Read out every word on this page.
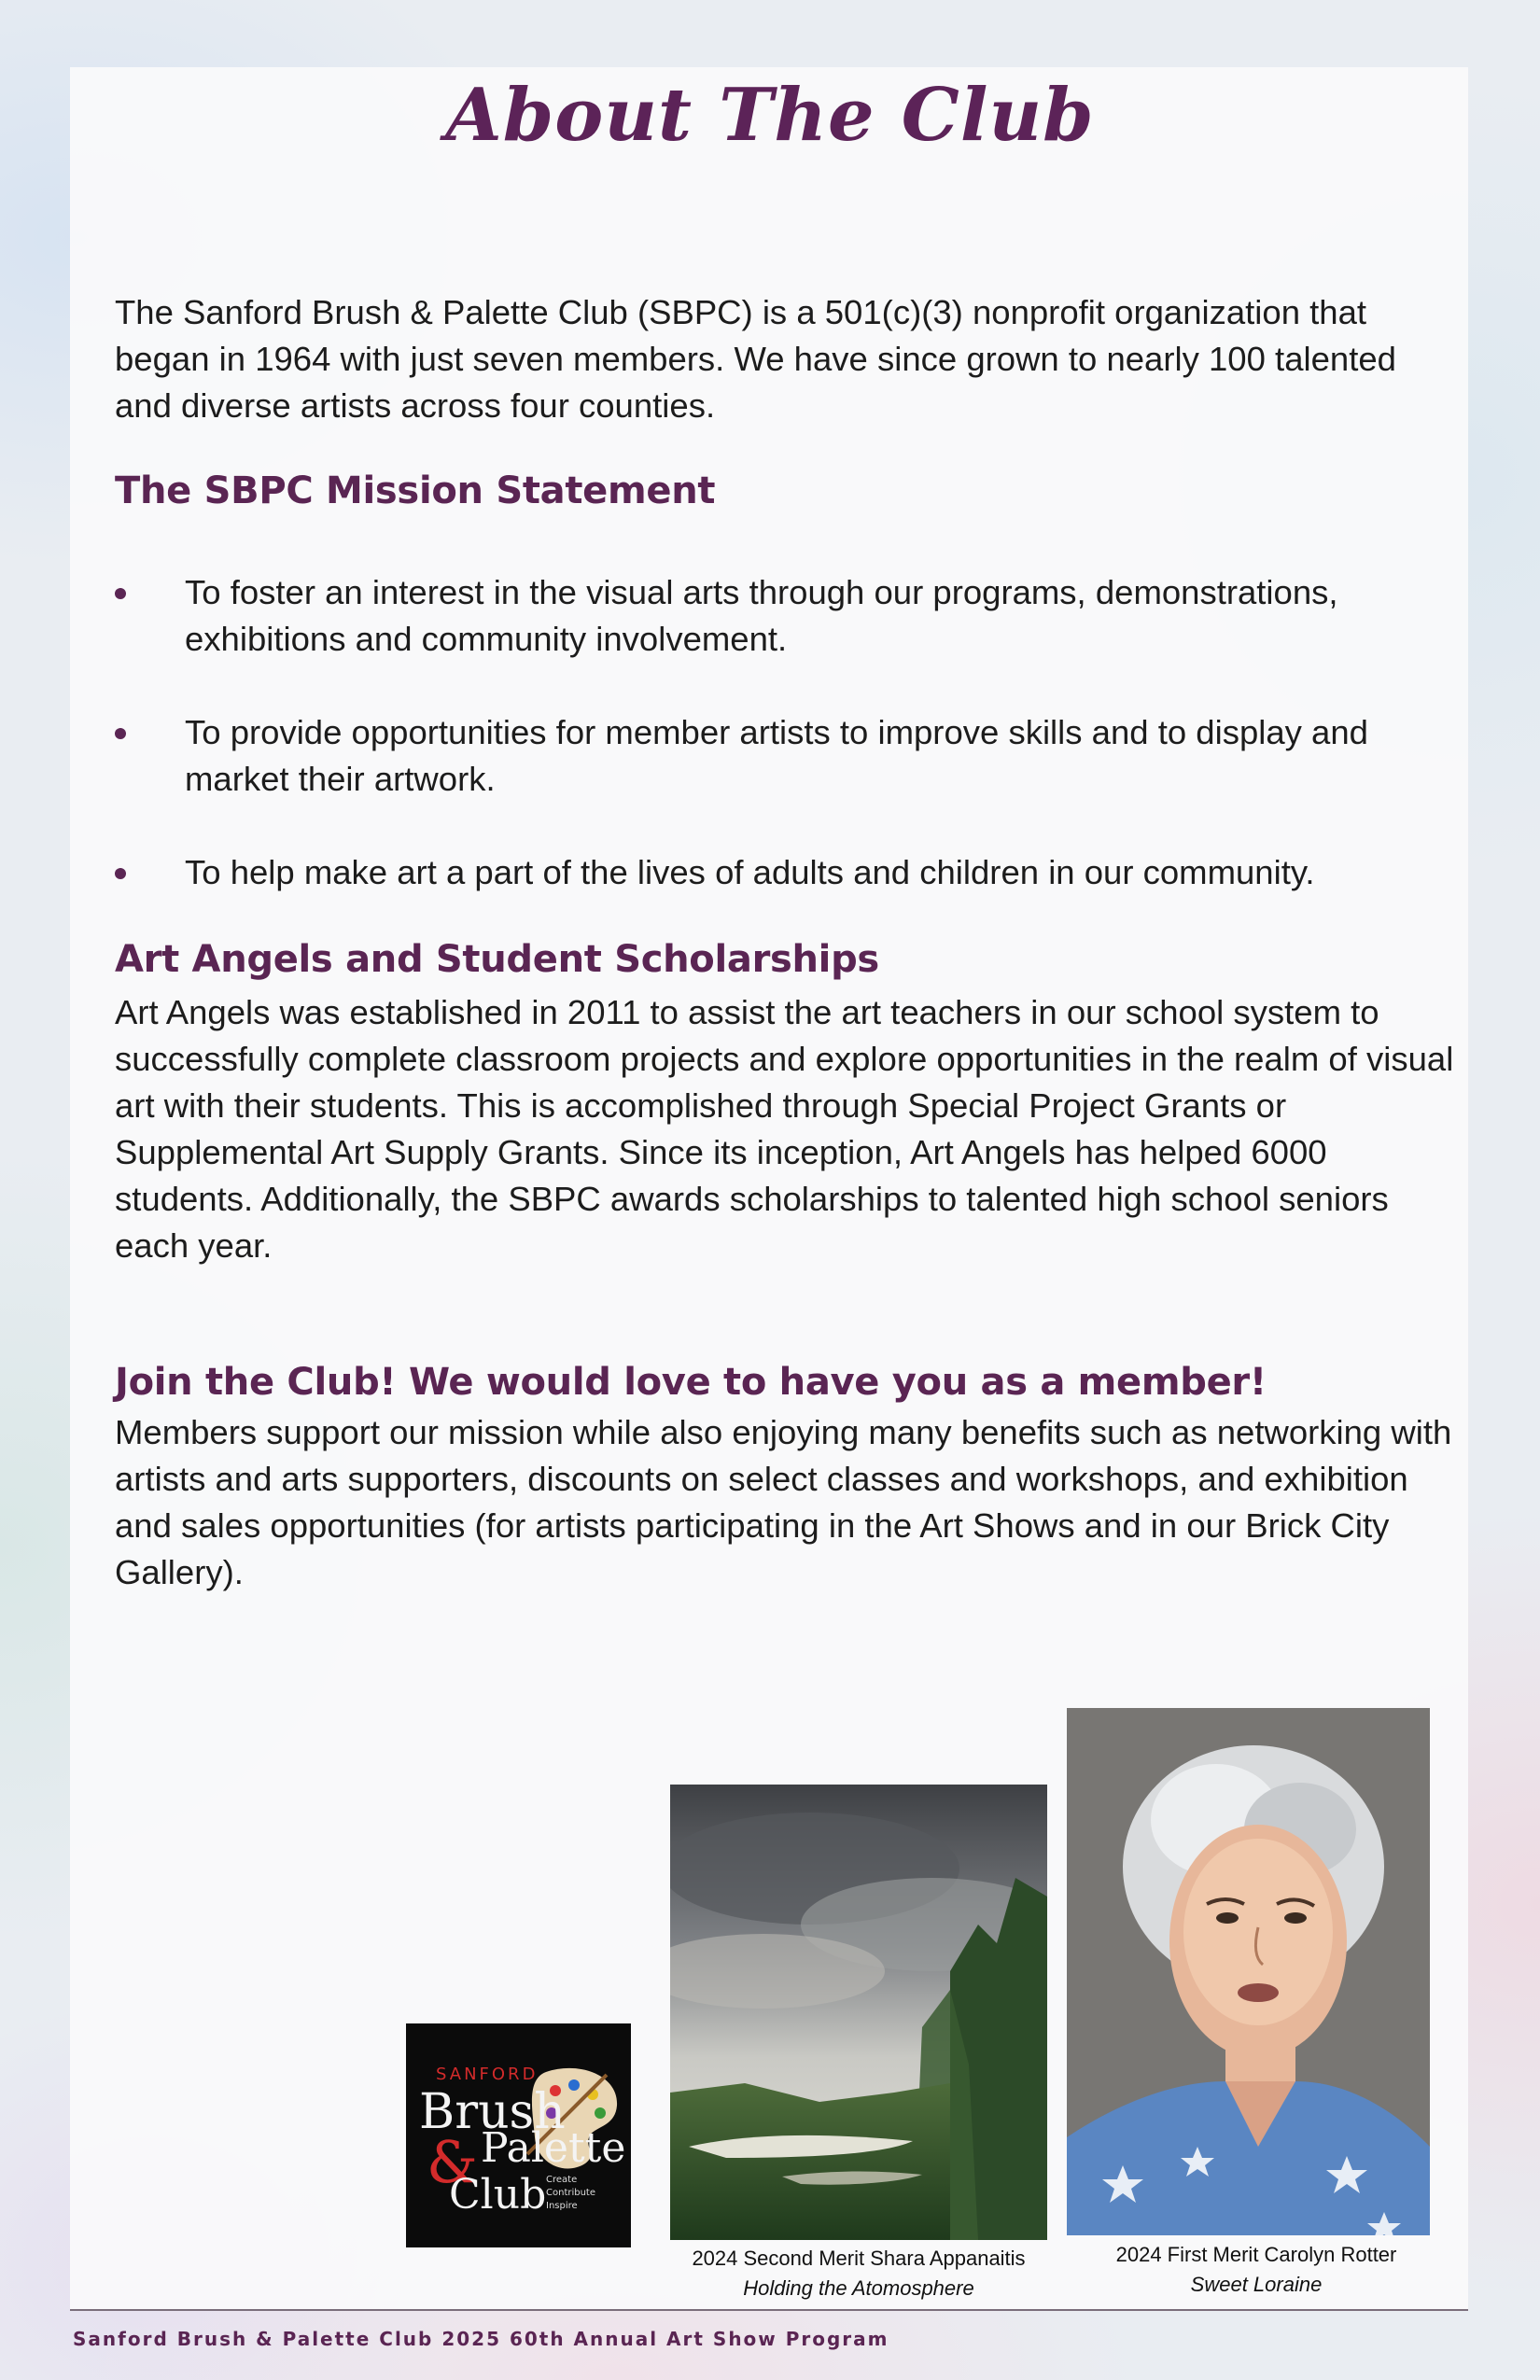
About The Club

The Sanford Brush & Palette Club (SBPC) is a 501(c)(3) nonprofit organization that began in 1964 with just seven members. We have since grown to nearly 100 talented and diverse artists across four counties.

The SBPC Mission Statement
To foster an interest in the visual arts through our programs, demonstrations, exhibitions and community involvement.
To provide opportunities for member artists to improve skills and to display and market their artwork.
To help make art a part of the lives of adults and children in our community.
Art Angels and Student Scholarships

Art Angels was established in 2011 to assist the art teachers in our school system to successfully complete classroom projects and explore opportunities in the realm of visual art with their students. This is accomplished through Special Project Grants or Supplemental Art Supply Grants. Since its inception, Art Angels has helped 6000 students. Additionally, the SBPC awards scholarships to talented high school seniors each year.

Join the Club! We would love to have you as a member!

Members support our mission while also enjoying many benefits such as networking with artists and arts supporters, discounts on select classes and workshops, and exhibition and sales opportunities (for artists participating in the Art Shows and in our Brick City Gallery).

SANFORD
Brush
& Palette
Club Create
Contribute
Inspire
2024 Second Merit Shara Appanaitis
Holding the Atomosphere
2024 First Merit Carolyn Rotter
Sweet Loraine
Sanford Brush & Palette Club 2025 60th Annual Art Show Program
